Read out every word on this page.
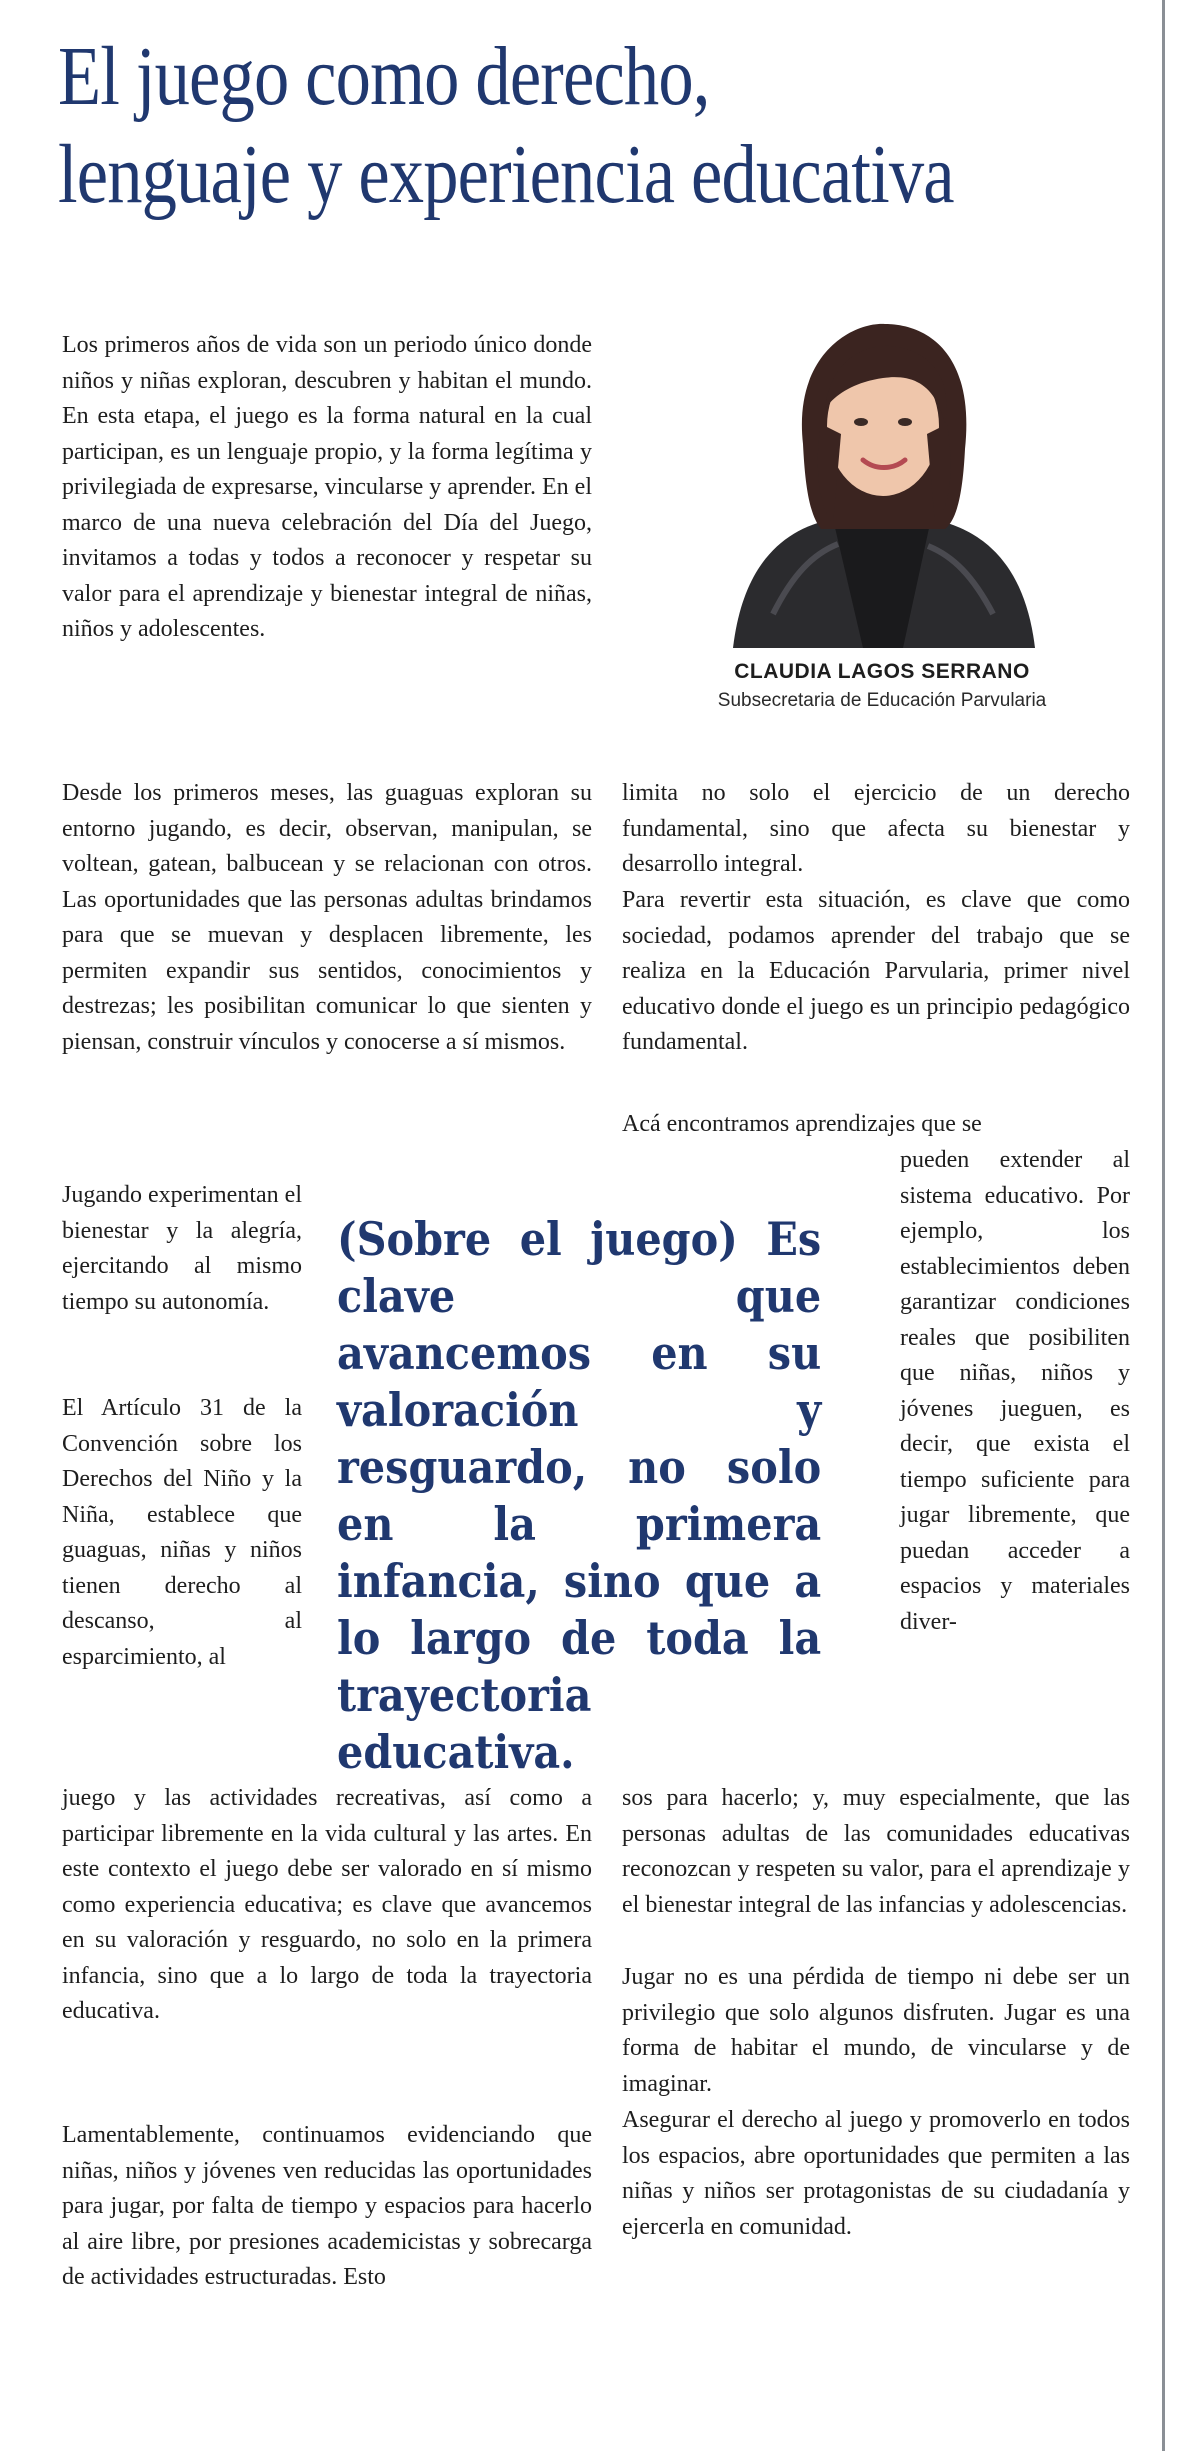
El juego como derecho,
lenguaje y experiencia educativa
CLAUDIA LAGOS SERRANO
Subsecretaria de Educación Parvularia

Los primeros años de vida son un periodo único donde niños y niñas exploran, descubren y habitan el mundo. En esta etapa, el juego es la forma natural en la cual participan, es un lenguaje propio, y la forma legítima y privilegiada de expresarse, vincularse y aprender. En el marco de una nueva celebración del Día del Juego, invitamos a todas y todos a reconocer y respetar su valor para el aprendizaje y bienestar integral de niñas, niños y adolescentes.

Desde los primeros meses, las guaguas exploran su entorno jugando, es decir, observan, manipulan, se voltean, gatean, balbucean y se relacionan con otros. Las oportunidades que las personas adultas brindamos para que se muevan y desplacen libremente, les permiten expandir sus sentidos, conocimientos y destrezas; les posibilitan comunicar lo que sienten y piensan, construir vínculos y conocerse a sí mismos.

Jugando experimentan el bienestar y la alegría, ejercitando al mismo tiempo su autonomía.

El Artículo 31 de la Convención sobre los Derechos del Niño y la Niña, establece que guaguas, niñas y niños tienen derecho al descanso, al esparcimiento, al

juego y las actividades recreativas, así como a participar libremente en la vida cultural y las artes. En este contexto el juego debe ser valorado en sí mismo como experiencia educativa; es clave que avancemos en su valoración y resguardo, no solo en la primera infancia, sino que a lo largo de toda la trayectoria educativa.

Lamentablemente, continuamos evidenciando que niñas, niños y jóvenes ven reducidas las oportunidades para jugar, por falta de tiempo y espacios para hacerlo al aire libre, por presiones academicistas y sobrecarga de actividades estructuradas. Esto

(Sobre el juego) Es clave que avancemos en su valoración y resguardo, no solo en la primera infancia, sino que a lo largo de toda la trayectoria educativa.

limita no solo el ejercicio de un derecho fundamental, sino que afecta su bienestar y desarrollo integral.

Para revertir esta situación, es clave que como sociedad, podamos aprender del trabajo que se realiza en la Educación Parvularia, primer nivel educativo donde el juego es un principio pedagógico fundamental.

Acá encontramos aprendizajes que se

pueden extender al sistema educativo. Por ejemplo, los establecimientos deben garantizar condiciones reales que posibiliten que niñas, niños y jóvenes jueguen, es decir, que exista el tiempo suficiente para jugar libremente, que puedan acceder a espacios y materiales diver-

sos para hacerlo; y, muy especialmente, que las personas adultas de las comunidades educativas reconozcan y respeten su valor, para el aprendizaje y el bienestar integral de las infancias y adolescencias.

Jugar no es una pérdida de tiempo ni debe ser un privilegio que solo algunos disfruten. Jugar es una forma de habitar el mundo, de vincularse y de imaginar.

Asegurar el derecho al juego y promoverlo en todos los espacios, abre oportunidades que permiten a las niñas y niños ser protagonistas de su ciudadanía y ejercerla en comunidad.
